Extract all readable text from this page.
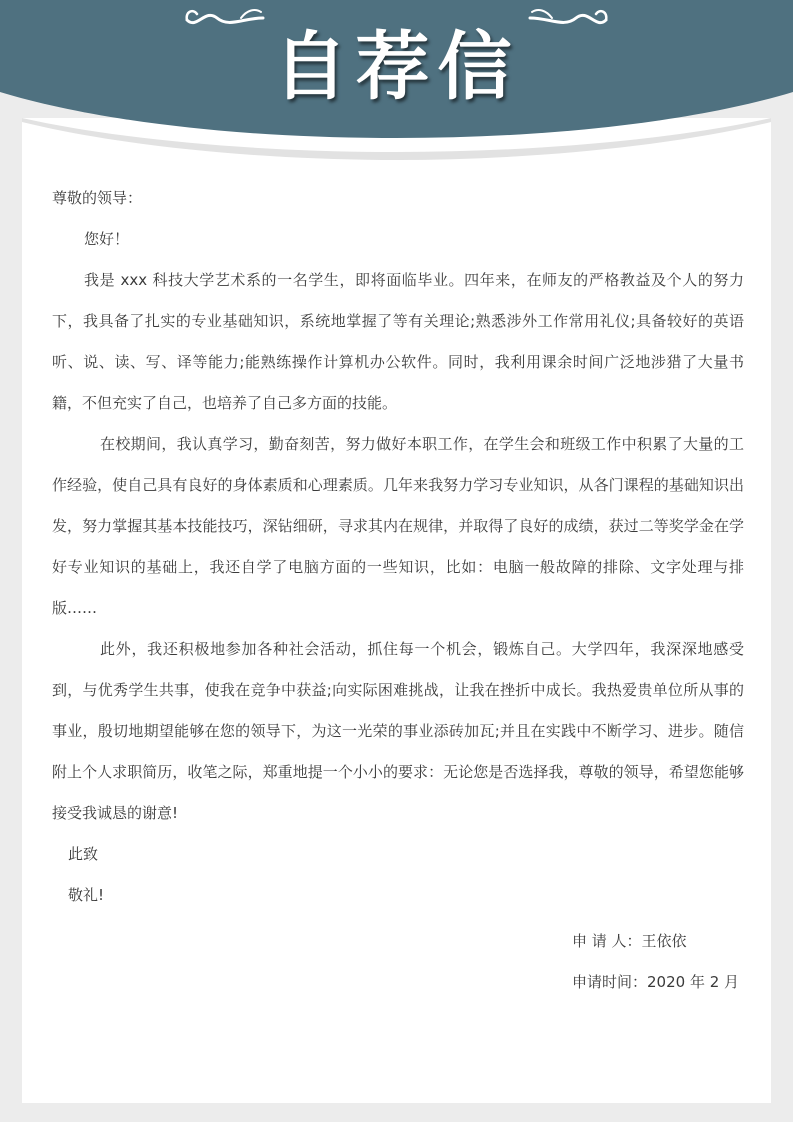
自荐信

尊敬的领导：

您好！

我是 xxx 科技大学艺术系的一名学生，即将面临毕业。四年来，在师友的严格教益及个人的努力下，我具备了扎实的专业基础知识，系统地掌握了等有关理论;熟悉涉外工作常用礼仪;具备较好的英语听、说、读、写、译等能力;能熟练操作计算机办公软件。同时，我利用课余时间广泛地涉猎了大量书籍，不但充实了自己，也培养了自己多方面的技能。

在校期间，我认真学习，勤奋刻苦，努力做好本职工作，在学生会和班级工作中积累了大量的工作经验，使自己具有良好的身体素质和心理素质。几年来我努力学习专业知识，从各门课程的基础知识出发，努力掌握其基本技能技巧，深钻细研，寻求其内在规律，并取得了良好的成绩，获过二等奖学金在学好专业知识的基础上，我还自学了电脑方面的一些知识，比如：电脑一般故障的排除、文字处理与排版……

此外，我还积极地参加各种社会活动，抓住每一个机会，锻炼自己。大学四年，我深深地感受到，与优秀学生共事，使我在竞争中获益;向实际困难挑战，让我在挫折中成长。我热爱贵单位所从事的事业，殷切地期望能够在您的领导下，为这一光荣的事业添砖加瓦;并且在实践中不断学习、进步。随信附上个人求职简历，收笔之际，郑重地提一个小小的要求：无论您是否选择我，尊敬的领导，希望您能够接受我诚恳的谢意!

此致

敬礼!

申 请 人：王依依
申请时间：2020 年 2 月
